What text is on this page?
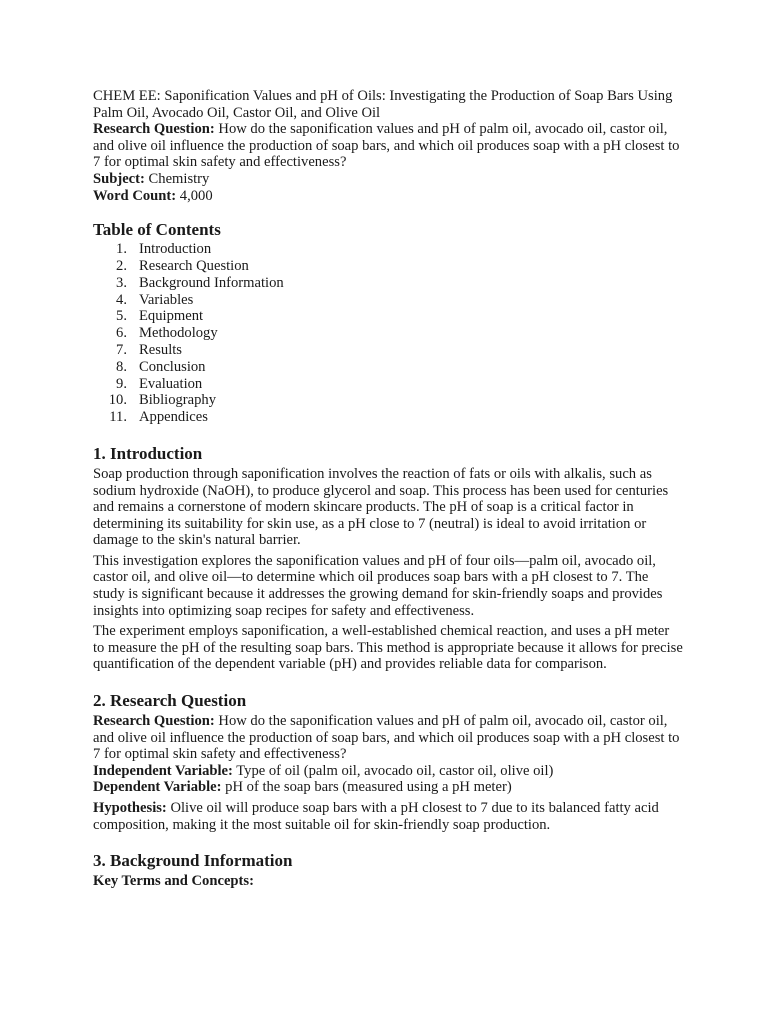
CHEM EE: Saponification Values and pH of Oils: Investigating the Production of Soap Bars Using Palm Oil, Avocado Oil, Castor Oil, and Olive Oil

Research Question: How do the saponification values and pH of palm oil, avocado oil, castor oil, and olive oil influence the production of soap bars, and which oil produces soap with a pH closest to 7 for optimal skin safety and effectiveness?

Subject: Chemistry

Word Count: 4,000

Table of Contents
1. Introduction
2. Research Question
3. Background Information
4. Variables
5. Equipment
6. Methodology
7. Results
8. Conclusion
9. Evaluation
10. Bibliography
11. Appendices
1. Introduction

Soap production through saponification involves the reaction of fats or oils with alkalis, such as sodium hydroxide (NaOH), to produce glycerol and soap. This process has been used for centuries and remains a cornerstone of modern skincare products. The pH of soap is a critical factor in determining its suitability for skin use, as a pH close to 7 (neutral) is ideal to avoid irritation or damage to the skin's natural barrier.

This investigation explores the saponification values and pH of four oils—palm oil, avocado oil, castor oil, and olive oil—to determine which oil produces soap bars with a pH closest to 7. The study is significant because it addresses the growing demand for skin-friendly soaps and provides insights into optimizing soap recipes for safety and effectiveness.

The experiment employs saponification, a well-established chemical reaction, and uses a pH meter to measure the pH of the resulting soap bars. This method is appropriate because it allows for precise quantification of the dependent variable (pH) and provides reliable data for comparison.

2. Research Question

Research Question: How do the saponification values and pH of palm oil, avocado oil, castor oil, and olive oil influence the production of soap bars, and which oil produces soap with a pH closest to 7 for optimal skin safety and effectiveness?

Independent Variable: Type of oil (palm oil, avocado oil, castor oil, olive oil)

Dependent Variable: pH of the soap bars (measured using a pH meter)

Hypothesis: Olive oil will produce soap bars with a pH closest to 7 due to its balanced fatty acid composition, making it the most suitable oil for skin-friendly soap production.

3. Background Information

Key Terms and Concepts:
